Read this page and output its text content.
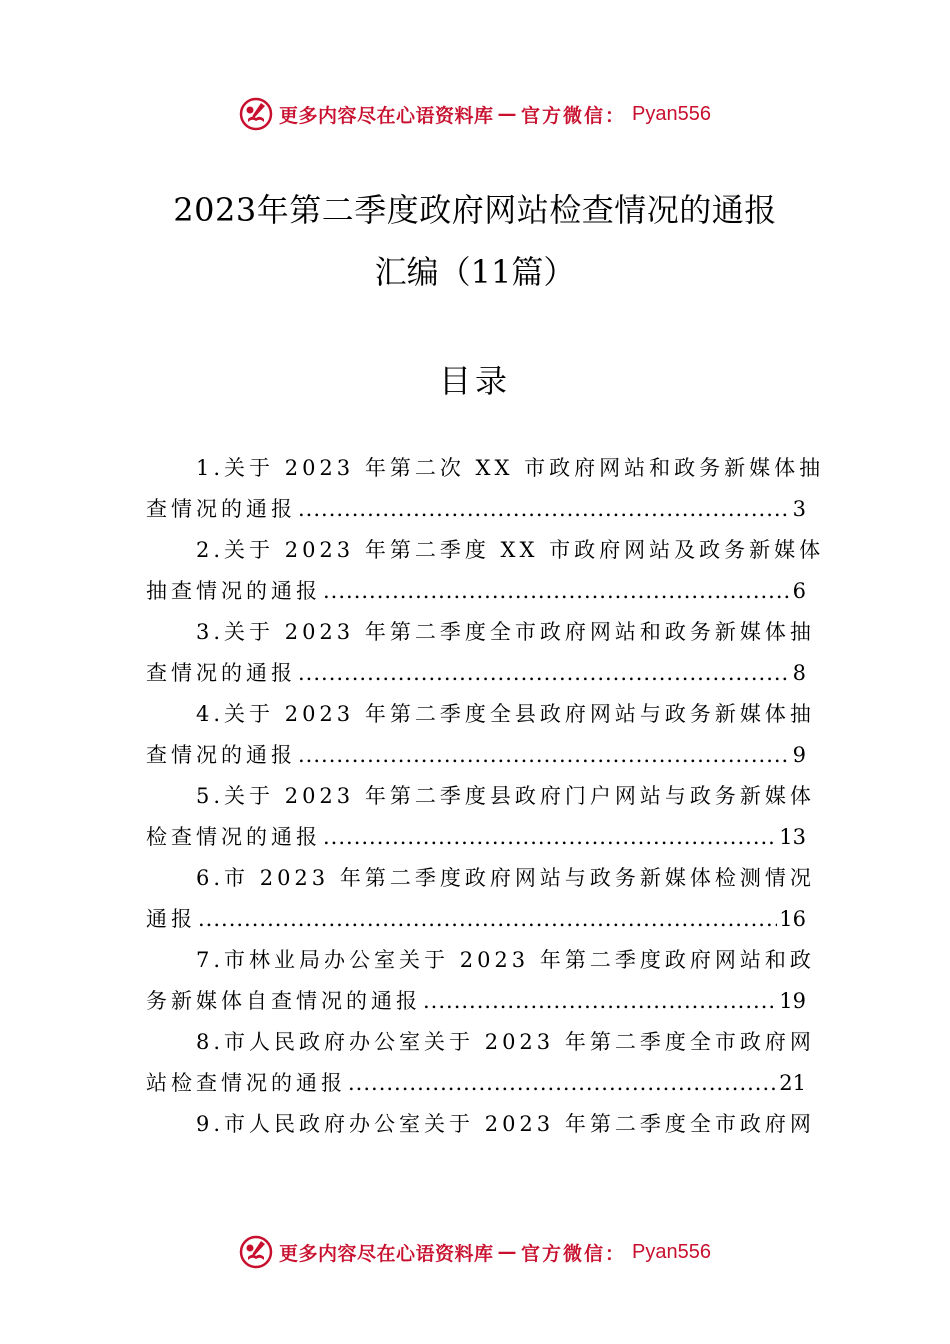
更多内容尽在心语资料库 — 官方微信： Pyan556
2023年第二季度政府网站检查情况的通报
汇编（11篇）
目录
1.关于 2023 年第二次 XX 市政府网站和政务新媒体抽
查情况的通报 .....	3
2.关于 2023 年第二季度 XX 市政府网站及政务新媒体
抽查情况的通报 .....	6
3.关于 2023 年第二季度全市政府网站和政务新媒体抽
查情况的通报 .....	8
4.关于 2023 年第二季度全县政府网站与政务新媒体抽
查情况的通报 .....	9
5.关于 2023 年第二季度县政府门户网站与政务新媒体
检查情况的通报 .....	13
6.市 2023 年第二季度政府网站与政务新媒体检测情况
通报 .....	16
7.市林业局办公室关于 2023 年第二季度政府网站和政
务新媒体自查情况的通报 .....	19
8.市人民政府办公室关于 2023 年第二季度全市政府网
站检查情况的通报 .....	21
9.市人民政府办公室关于 2023 年第二季度全市政府网
更多内容尽在心语资料库 — 官方微信： Pyan556
